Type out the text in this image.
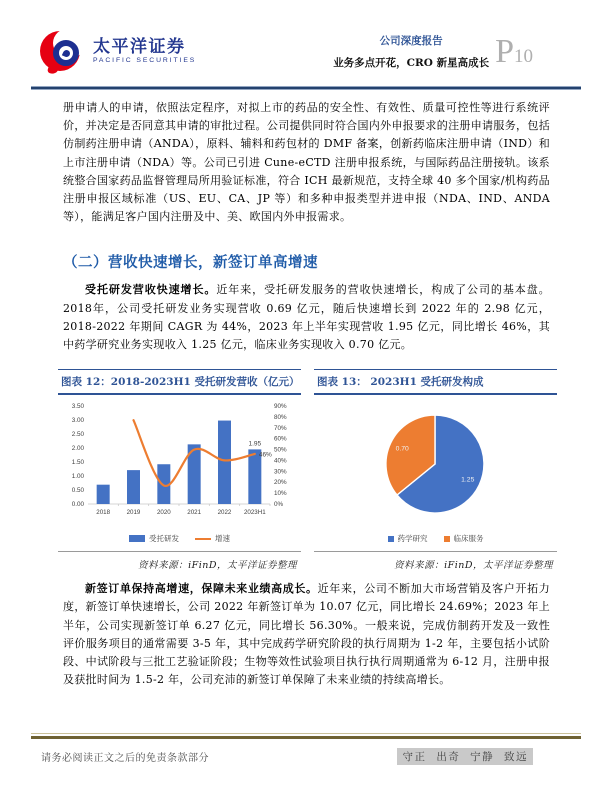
太平洋证券
PACIFIC SECURITIES
公司深度报告
业务多点开花，CRO 新星高成长 P10

册申请人的申请，依照法定程序，对拟上市的药品的安全性、有效性、质量可控性等进行系统评价，并决定是否同意其申请的审批过程。公司提供同时符合国内外申报要求的注册申请服务，包括仿制药注册申请（ANDA），原料、辅料和药包材的 DMF 备案，创新药临床注册申请（IND）和上市注册申请（NDA）等。公司已引进 Cune-eCTD 注册申报系统，与国际药品注册接轨。该系统整合国家药品监督管理局所用验证标准，符合 ICH 最新规范，支持全球 40 多个国家/机构药品注册申报区域标准（US、EU、CA、JP 等）和多种申报类型并进申报（NDA、IND、ANDA 等），能满足客户国内注册及中、美、欧国内外申报需求。

（二）营收快速增长，新签订单高增速

受托研发营收快速增长。近年来，受托研发服务的营收快速增长，构成了公司的基本盘。2018年，公司受托研发业务实现营收 0.69 亿元，随后快速增长到 2022 年的 2.98 亿元，2018-2022 年期间 CAGR 为 44%，2023 年上半年实现营收 1.95 亿元，同比增长 46%，其中药学研究业务实现收入 1.25 亿元，临床业务实现收入 0.70 亿元。

图表 12：2018-2023H1 受托研发营收（亿元）
0.00
0.50
1.00
1.50
2.00
2.50
3.00
3.50
0%
10%
20%
30%
40%
50%
60%
70%
80%
90%
2018	2019	2020	2021	2022 2023H1
1.95
46%
受托研发	增速
资料来源：iFinD，太平洋证券整理
图表 13： 2023H1 受托研发构成
1.25
0.70
药学研究	临床服务
资料来源：iFinD，太平洋证券整理

新签订单保持高增速，保障未来业绩高成长。近年来，公司不断加大市场营销及客户开拓力度，新签订单快速增长，公司 2022 年新签订单为 10.07 亿元，同比增长 24.69%；2023 年上半年，公司实现新签订单 6.27 亿元，同比增长 56.30%。一般来说，完成仿制药开发及一致性评价服务项目的通常需要 3-5 年，其中完成药学研究阶段的执行周期为 1-2 年，主要包括小试阶段、中试阶段与三批工艺验证阶段；生物等效性试验项目执行执行周期通常为 6-12 月，注册申报及获批时间为 1.5-2 年，公司充沛的新签订单保障了未来业绩的持续高增长。

请务必阅读正文之后的免责条款部分	守正 出奇 宁静 致远
